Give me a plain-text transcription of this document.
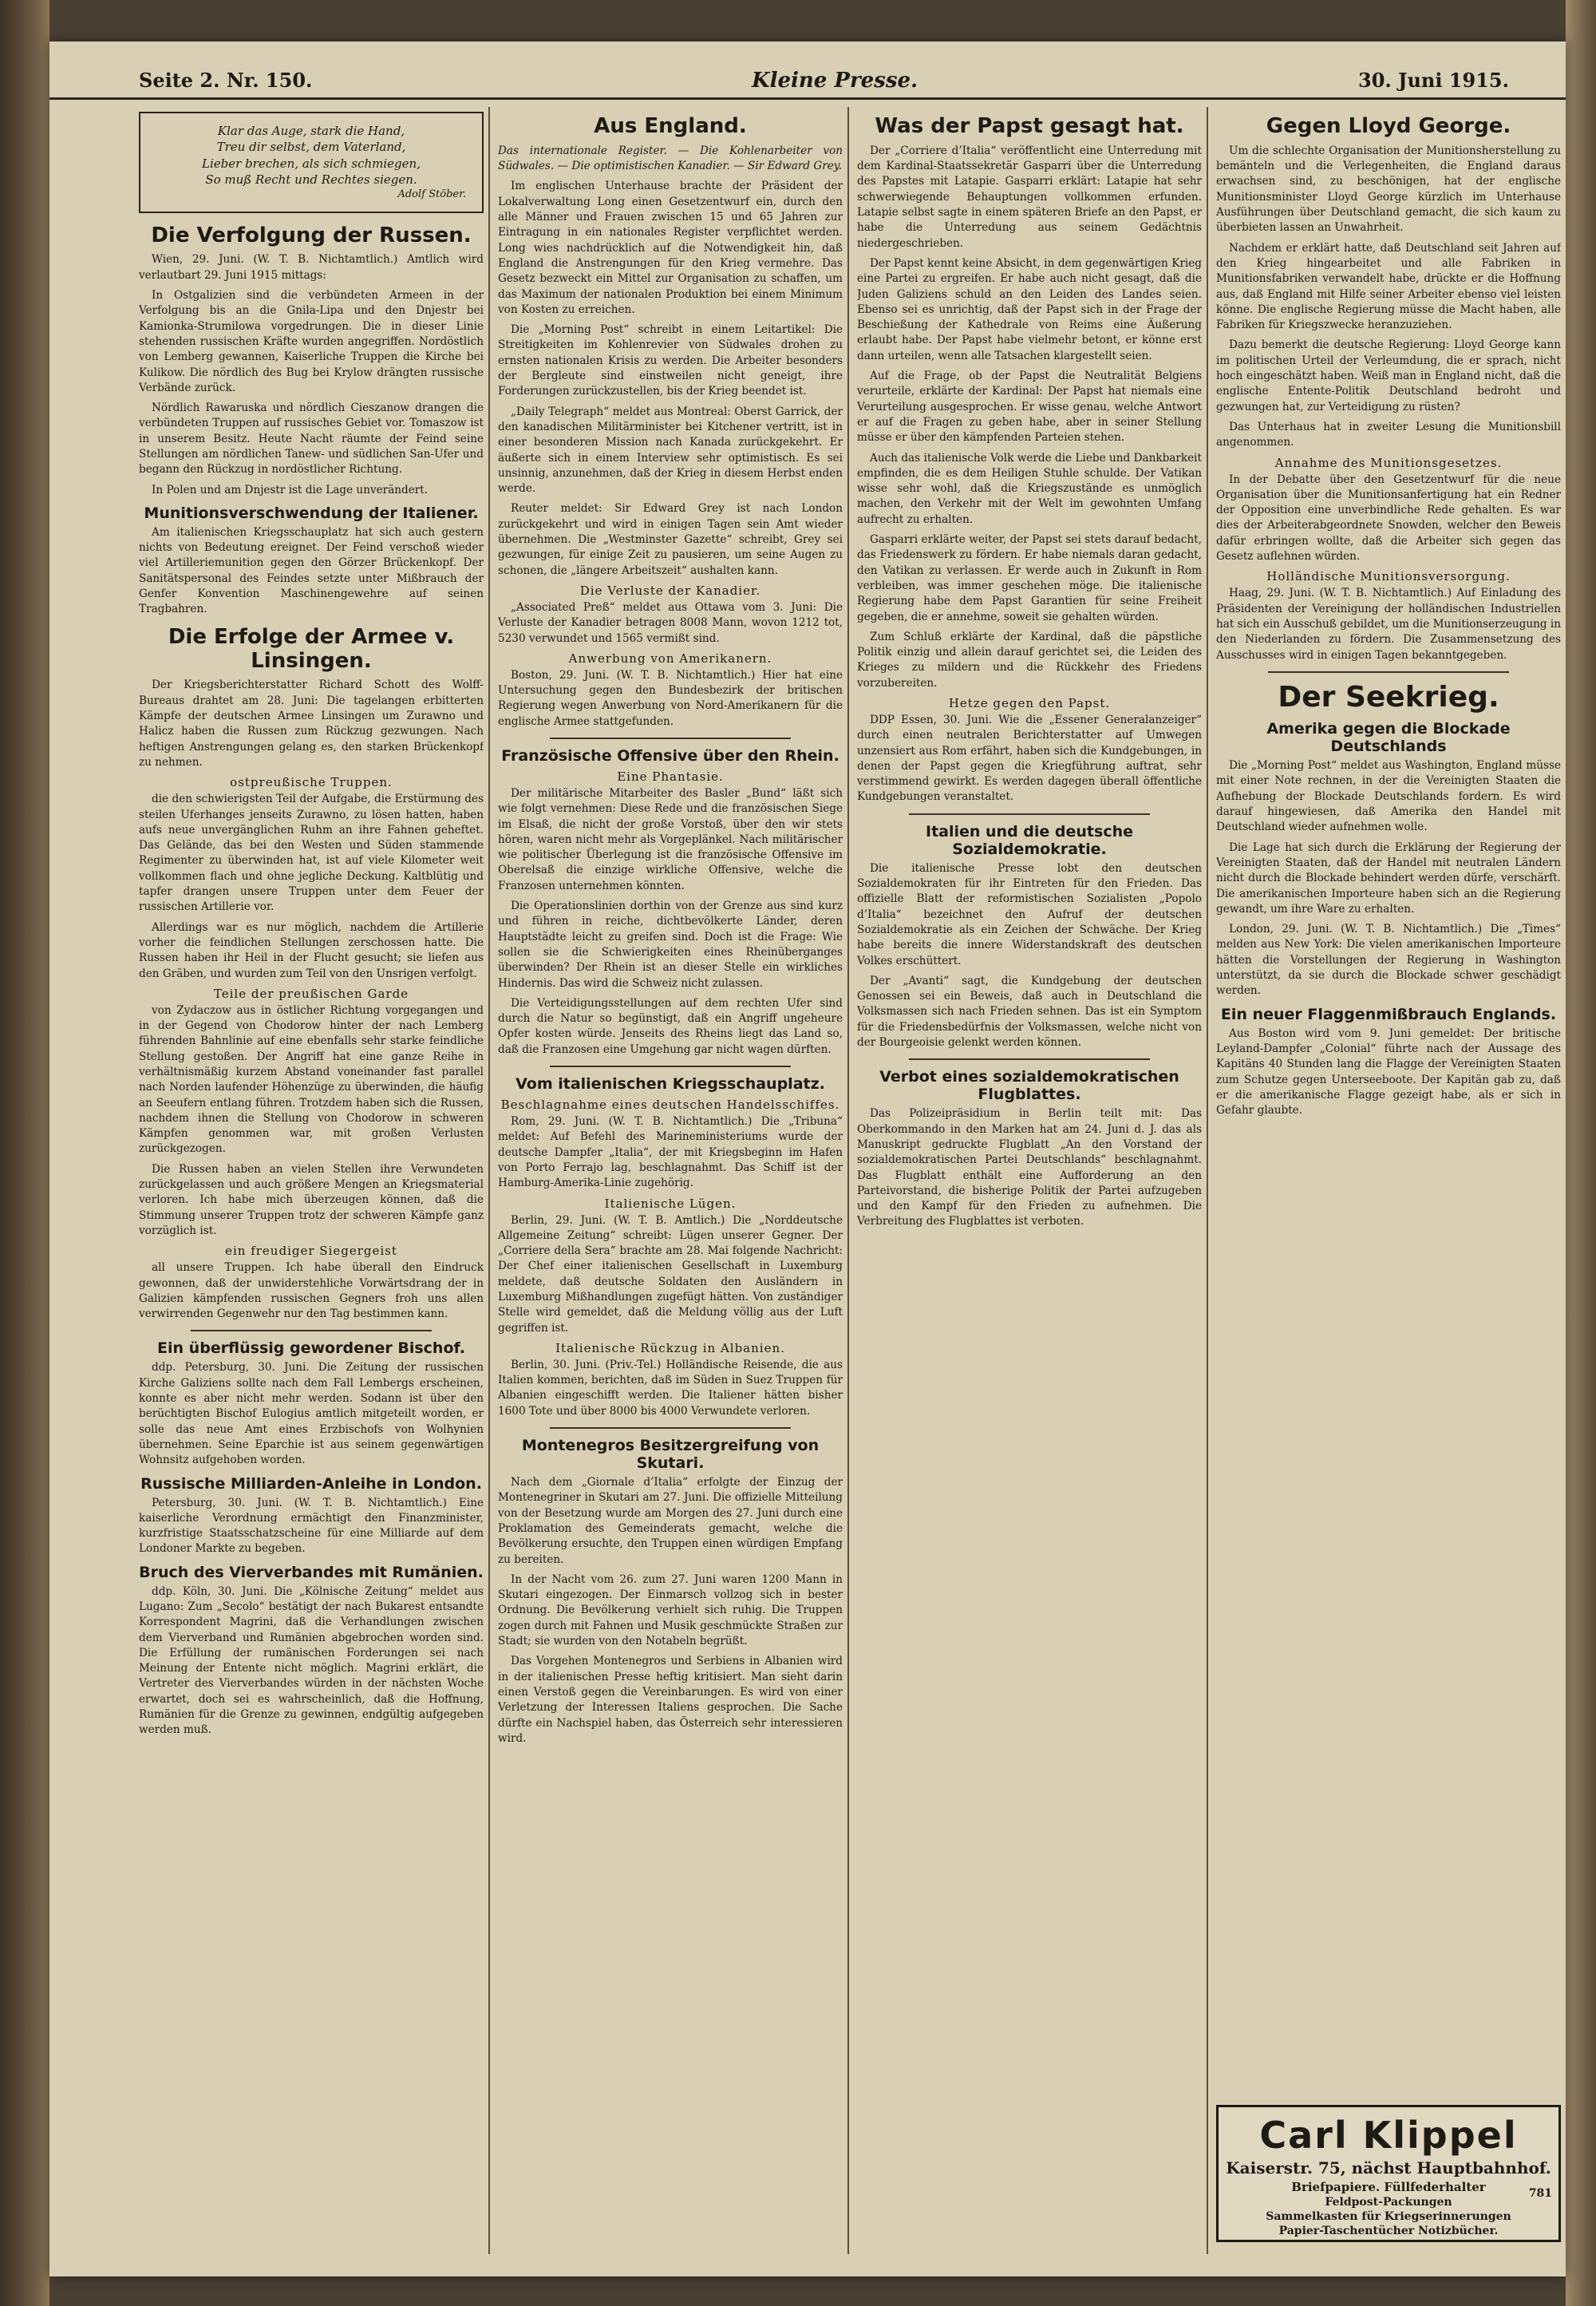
Seite 2. Nr. 150.	Kleine Presse.	30. Juni 1915.
Klar das Auge, stark die Hand,
Treu dir selbst, dem Vaterland,
Lieber brechen, als sich schmiegen,
So muß Recht und Rechtes siegen.
Adolf Stöber.
Die Verfolgung der Russen.

Wien, 29. Juni. (W. T. B. Nichtamtlich.) Amtlich wird verlautbart 29. Juni 1915 mittags:

In Ostgalizien sind die verbündeten Armeen in der Verfolgung bis an die Gnila-Lipa und den Dnjestr bei Kamionka-Strumilowa vorgedrungen. Die in dieser Linie stehenden russischen Kräfte wurden angegriffen. Nordöstlich von Lemberg gewannen, Kaiserliche Truppen die Kirche bei Kulikow. Die nördlich des Bug bei Krylow drängten russische Verbände zurück.

Nördlich Rawaruska und nördlich Cieszanow drangen die verbündeten Truppen auf russisches Gebiet vor. Tomaszow ist in unserem Besitz. Heute Nacht räumte der Feind seine Stellungen am nördlichen Tanew- und südlichen San-Ufer und begann den Rückzug in nordöstlicher Richtung.

In Polen und am Dnjestr ist die Lage unverändert.

Munitionsverschwendung der Italiener.

Am italienischen Kriegsschauplatz hat sich auch gestern nichts von Bedeutung ereignet. Der Feind verschoß wieder viel Artilleriemunition gegen den Görzer Brückenkopf. Der Sanitätspersonal des Feindes setzte unter Mißbrauch der Genfer Konvention Maschinengewehre auf seinen Tragbahren.

Die Erfolge der Armee v. Linsingen.

Der Kriegsberichterstatter Richard Schott des Wolff-Bureaus drahtet am 28. Juni: Die tagelangen erbitterten Kämpfe der deutschen Armee Linsingen um Zurawno und Halicz haben die Russen zum Rückzug gezwungen. Nach heftigen Anstrengungen gelang es, den starken Brückenkopf zu nehmen.

ostpreußische Truppen.

die den schwierigsten Teil der Aufgabe, die Erstürmung des steilen Uferhanges jenseits Zurawno, zu lösen hatten, haben aufs neue unvergänglichen Ruhm an ihre Fahnen geheftet. Das Gelände, das bei den Westen und Süden stammende Regimenter zu überwinden hat, ist auf viele Kilometer weit vollkommen flach und ohne jegliche Deckung. Kaltblütig und tapfer drangen unsere Truppen unter dem Feuer der russischen Artillerie vor.

Allerdings war es nur möglich, nachdem die Artillerie vorher die feindlichen Stellungen zerschossen hatte. Die Russen haben ihr Heil in der Flucht gesucht; sie liefen aus den Gräben, und wurden zum Teil von den Unsrigen verfolgt.

Teile der preußischen Garde

von Zydaczow aus in östlicher Richtung vorgegangen und in der Gegend von Chodorow hinter der nach Lemberg führenden Bahnlinie auf eine ebenfalls sehr starke feindliche Stellung gestoßen. Der Angriff hat eine ganze Reihe in verhältnismäßig kurzem Abstand voneinander fast parallel nach Norden laufender Höhenzüge zu überwinden, die häufig an Seeufern entlang führen. Trotzdem haben sich die Russen, nachdem ihnen die Stellung von Chodorow in schweren Kämpfen genommen war, mit großen Verlusten zurückgezogen.

Die Russen haben an vielen Stellen ihre Verwundeten zurückgelassen und auch größere Mengen an Kriegsmaterial verloren. Ich habe mich überzeugen können, daß die Stimmung unserer Truppen trotz der schweren Kämpfe ganz vorzüglich ist.

ein freudiger Siegergeist

all unsere Truppen. Ich habe überall den Eindruck gewonnen, daß der unwiderstehliche Vorwärtsdrang der in Galizien kämpfenden russischen Gegners froh uns allen verwirrenden Gegenwehr nur den Tag bestimmen kann.

Ein überflüssig gewordener Bischof.

ddp. Petersburg, 30. Juni. Die Zeitung der russischen Kirche Galiziens sollte nach dem Fall Lembergs erscheinen, konnte es aber nicht mehr werden. Sodann ist über den berüchtigten Bischof Eulogius amtlich mitgeteilt worden, er solle das neue Amt eines Erzbischofs von Wolhynien übernehmen. Seine Eparchie ist aus seinem gegenwärtigen Wohnsitz aufgehoben worden.

Russische Milliarden-Anleihe in London.

Petersburg, 30. Juni. (W. T. B. Nichtamtlich.) Eine kaiserliche Verordnung ermächtigt den Finanzminister, kurzfristige Staatsschatzscheine für eine Milliarde auf dem Londoner Markte zu begeben.

Bruch des Vierverbandes mit Rumänien.

ddp. Köln, 30. Juni. Die „Kölnische Zeitung“ meldet aus Lugano: Zum „Secolo“ bestätigt der nach Bukarest entsandte Korrespondent Magrini, daß die Verhandlungen zwischen dem Vierverband und Rumänien abgebrochen worden sind. Die Erfüllung der rumänischen Forderungen sei nach Meinung der Entente nicht möglich. Magrini erklärt, die Vertreter des Vierverbandes würden in der nächsten Woche erwartet, doch sei es wahrscheinlich, daß die Hoffnung, Rumänien für die Grenze zu gewinnen, endgültig aufgegeben werden muß.

Aus England.

Das internationale Register. — Die Kohlenarbeiter von Südwales. — Die optimistischen Kanadier. — Sir Edward Grey.

Im englischen Unterhause brachte der Präsident der Lokalverwaltung Long einen Gesetzentwurf ein, durch den alle Männer und Frauen zwischen 15 und 65 Jahren zur Eintragung in ein nationales Register verpflichtet werden. Long wies nachdrücklich auf die Notwendigkeit hin, daß England die Anstrengungen für den Krieg vermehre. Das Gesetz bezweckt ein Mittel zur Organisation zu schaffen, um das Maximum der nationalen Produktion bei einem Minimum von Kosten zu erreichen.

Die „Morning Post“ schreibt in einem Leitartikel: Die Streitigkeiten im Kohlenrevier von Südwales drohen zu ernsten nationalen Krisis zu werden. Die Arbeiter besonders der Bergleute sind einstweilen nicht geneigt, ihre Forderungen zurückzustellen, bis der Krieg beendet ist.

„Daily Telegraph“ meldet aus Montreal: Oberst Garrick, der den kanadischen Militärminister bei Kitchener vertritt, ist in einer besonderen Mission nach Kanada zurückgekehrt. Er äußerte sich in einem Interview sehr optimistisch. Es sei unsinnig, anzunehmen, daß der Krieg in diesem Herbst enden werde.

Reuter meldet: Sir Edward Grey ist nach London zurückgekehrt und wird in einigen Tagen sein Amt wieder übernehmen. Die „Westminster Gazette“ schreibt, Grey sei gezwungen, für einige Zeit zu pausieren, um seine Augen zu schonen, die „längere Arbeitszeit“ aushalten kann.

Die Verluste der Kanadier.

„Associated Preß“ meldet aus Ottawa vom 3. Juni: Die Verluste der Kanadier betragen 8008 Mann, wovon 1212 tot, 5230 verwundet und 1565 vermißt sind.

Anwerbung von Amerikanern.

Boston, 29. Juni. (W. T. B. Nichtamtlich.) Hier hat eine Untersuchung gegen den Bundesbezirk der britischen Regierung wegen Anwerbung von Nord-Amerikanern für die englische Armee stattgefunden.

Französische Offensive über den Rhein.
Eine Phantasie.

Der militärische Mitarbeiter des Basler „Bund“ läßt sich wie folgt vernehmen: Diese Rede und die französischen Siege im Elsaß, die nicht der große Vorstoß, über den wir stets hören, waren nicht mehr als Vorgeplänkel. Nach militärischer wie politischer Überlegung ist die französische Offensive im Oberelsaß die einzige wirkliche Offensive, welche die Franzosen unternehmen könnten.

Die Operationslinien dorthin von der Grenze aus sind kurz und führen in reiche, dichtbevölkerte Länder, deren Hauptstädte leicht zu greifen sind. Doch ist die Frage: Wie sollen sie die Schwierigkeiten eines Rheinüberganges überwinden? Der Rhein ist an dieser Stelle ein wirkliches Hindernis. Das wird die Schweiz nicht zulassen.

Die Verteidigungsstellungen auf dem rechten Ufer sind durch die Natur so begünstigt, daß ein Angriff ungeheure Opfer kosten würde. Jenseits des Rheins liegt das Land so, daß die Franzosen eine Umgehung gar nicht wagen dürften.

Vom italienischen Kriegsschauplatz.
Beschlagnahme eines deutschen Handelsschiffes.

Rom, 29. Juni. (W. T. B. Nichtamtlich.) Die „Tribuna“ meldet: Auf Befehl des Marineministeriums wurde der deutsche Dampfer „Italia“, der mit Kriegsbeginn im Hafen von Porto Ferrajo lag, beschlagnahmt. Das Schiff ist der Hamburg-Amerika-Linie zugehörig.

Italienische Lügen.

Berlin, 29. Juni. (W. T. B. Amtlich.) Die „Norddeutsche Allgemeine Zeitung“ schreibt: Lügen unserer Gegner. Der „Corriere della Sera“ brachte am 28. Mai folgende Nachricht: Der Chef einer italienischen Gesellschaft in Luxemburg meldete, daß deutsche Soldaten den Ausländern in Luxemburg Mißhandlungen zugefügt hätten. Von zuständiger Stelle wird gemeldet, daß die Meldung völlig aus der Luft gegriffen ist.

Italienische Rückzug in Albanien.

Berlin, 30. Juni. (Priv.-Tel.) Holländische Reisende, die aus Italien kommen, berichten, daß im Süden in Suez Truppen für Albanien eingeschifft werden. Die Italiener hätten bisher 1600 Tote und über 8000 bis 4000 Verwundete verloren.

Montenegros Besitzergreifung von Skutari.

Nach dem „Giornale d’Italia“ erfolgte der Einzug der Montenegriner in Skutari am 27. Juni. Die offizielle Mitteilung von der Besetzung wurde am Morgen des 27. Juni durch eine Proklamation des Gemeinderats gemacht, welche die Bevölkerung ersuchte, den Truppen einen würdigen Empfang zu bereiten.

In der Nacht vom 26. zum 27. Juni waren 1200 Mann in Skutari eingezogen. Der Einmarsch vollzog sich in bester Ordnung. Die Bevölkerung verhielt sich ruhig. Die Truppen zogen durch mit Fahnen und Musik geschmückte Straßen zur Stadt; sie wurden von den Notabeln begrüßt.

Das Vorgehen Montenegros und Serbiens in Albanien wird in der italienischen Presse heftig kritisiert. Man sieht darin einen Verstoß gegen die Vereinbarungen. Es wird von einer Verletzung der Interessen Italiens gesprochen. Die Sache dürfte ein Nachspiel haben, das Österreich sehr interessieren wird.

Was der Papst gesagt hat.

Der „Corriere d’Italia“ veröffentlicht eine Unterredung mit dem Kardinal-Staatssekretär Gasparri über die Unterredung des Papstes mit Latapie. Gasparri erklärt: Latapie hat sehr schwerwiegende Behauptungen vollkommen erfunden. Latapie selbst sagte in einem späteren Briefe an den Papst, er habe die Unterredung aus seinem Gedächtnis niedergeschrieben.

Der Papst kennt keine Absicht, in dem gegenwärtigen Krieg eine Partei zu ergreifen. Er habe auch nicht gesagt, daß die Juden Galiziens schuld an den Leiden des Landes seien. Ebenso sei es unrichtig, daß der Papst sich in der Frage der Beschießung der Kathedrale von Reims eine Äußerung erlaubt habe. Der Papst habe vielmehr betont, er könne erst dann urteilen, wenn alle Tatsachen klargestellt seien.

Auf die Frage, ob der Papst die Neutralität Belgiens verurteile, erklärte der Kardinal: Der Papst hat niemals eine Verurteilung ausgesprochen. Er wisse genau, welche Antwort er auf die Fragen zu geben habe, aber in seiner Stellung müsse er über den kämpfenden Parteien stehen.

Auch das italienische Volk werde die Liebe und Dankbarkeit empfinden, die es dem Heiligen Stuhle schulde. Der Vatikan wisse sehr wohl, daß die Kriegszustände es unmöglich machen, den Verkehr mit der Welt im gewohnten Umfang aufrecht zu erhalten.

Gasparri erklärte weiter, der Papst sei stets darauf bedacht, das Friedenswerk zu fördern. Er habe niemals daran gedacht, den Vatikan zu verlassen. Er werde auch in Zukunft in Rom verbleiben, was immer geschehen möge. Die italienische Regierung habe dem Papst Garantien für seine Freiheit gegeben, die er annehme, soweit sie gehalten würden.

Zum Schluß erklärte der Kardinal, daß die päpstliche Politik einzig und allein darauf gerichtet sei, die Leiden des Krieges zu mildern und die Rückkehr des Friedens vorzubereiten.

Hetze gegen den Papst.

DDP Essen, 30. Juni. Wie die „Essener Generalanzeiger“ durch einen neutralen Berichterstatter auf Umwegen unzensiert aus Rom erfährt, haben sich die Kundgebungen, in denen der Papst gegen die Kriegführung auftrat, sehr verstimmend gewirkt. Es werden dagegen überall öffentliche Kundgebungen veranstaltet.

Italien und die deutsche Sozialdemokratie.

Die italienische Presse lobt den deutschen Sozialdemokraten für ihr Eintreten für den Frieden. Das offizielle Blatt der reformistischen Sozialisten „Popolo d’Italia“ bezeichnet den Aufruf der deutschen Sozialdemokratie als ein Zeichen der Schwäche. Der Krieg habe bereits die innere Widerstandskraft des deutschen Volkes erschüttert.

Der „Avanti“ sagt, die Kundgebung der deutschen Genossen sei ein Beweis, daß auch in Deutschland die Volksmassen sich nach Frieden sehnen. Das ist ein Symptom für die Friedensbedürfnis der Volksmassen, welche nicht von der Bourgeoisie gelenkt werden können.

Verbot eines sozialdemokratischen Flugblattes.

Das Polizeipräsidium in Berlin teilt mit: Das Oberkommando in den Marken hat am 24. Juni d. J. das als Manuskript gedruckte Flugblatt „An den Vorstand der sozialdemokratischen Partei Deutschlands“ beschlagnahmt. Das Flugblatt enthält eine Aufforderung an den Parteivorstand, die bisherige Politik der Partei aufzugeben und den Kampf für den Frieden zu aufnehmen. Die Verbreitung des Flugblattes ist verboten.

Gegen Lloyd George.

Um die schlechte Organisation der Munitionsherstellung zu bemänteln und die Verlegenheiten, die England daraus erwachsen sind, zu beschönigen, hat der englische Munitionsminister Lloyd George kürzlich im Unterhause Ausführungen über Deutschland gemacht, die sich kaum zu überbieten lassen an Unwahrheit.

Nachdem er erklärt hatte, daß Deutschland seit Jahren auf den Krieg hingearbeitet und alle Fabriken in Munitionsfabriken verwandelt habe, drückte er die Hoffnung aus, daß England mit Hilfe seiner Arbeiter ebenso viel leisten könne. Die englische Regierung müsse die Macht haben, alle Fabriken für Kriegszwecke heranzuziehen.

Dazu bemerkt die deutsche Regierung: Lloyd George kann im politischen Urteil der Verleumdung, die er sprach, nicht hoch eingeschätzt haben. Weiß man in England nicht, daß die englische Entente-Politik Deutschland bedroht und gezwungen hat, zur Verteidigung zu rüsten?

Das Unterhaus hat in zweiter Lesung die Munitionsbill angenommen.

Annahme des Munitionsgesetzes.

In der Debatte über den Gesetzentwurf für die neue Organisation über die Munitionsanfertigung hat ein Redner der Opposition eine unverbindliche Rede gehalten. Es war dies der Arbeiterabgeordnete Snowden, welcher den Beweis dafür erbringen wollte, daß die Arbeiter sich gegen das Gesetz auflehnen würden.

Holländische Munitionsversorgung.

Haag, 29. Juni. (W. T. B. Nichtamtlich.) Auf Einladung des Präsidenten der Vereinigung der holländischen Industriellen hat sich ein Ausschuß gebildet, um die Munitionserzeugung in den Niederlanden zu fördern. Die Zusammensetzung des Ausschusses wird in einigen Tagen bekanntgegeben.

Der Seekrieg.
Amerika gegen die Blockade Deutschlands

Die „Morning Post“ meldet aus Washington, England müsse mit einer Note rechnen, in der die Vereinigten Staaten die Aufhebung der Blockade Deutschlands fordern. Es wird darauf hingewiesen, daß Amerika den Handel mit Deutschland wieder aufnehmen wolle.

Die Lage hat sich durch die Erklärung der Regierung der Vereinigten Staaten, daß der Handel mit neutralen Ländern nicht durch die Blockade behindert werden dürfe, verschärft. Die amerikanischen Importeure haben sich an die Regierung gewandt, um ihre Ware zu erhalten.

London, 29. Juni. (W. T. B. Nichtamtlich.) Die „Times“ melden aus New York: Die vielen amerikanischen Importeure hätten die Vorstellungen der Regierung in Washington unterstützt, da sie durch die Blockade schwer geschädigt werden.

Ein neuer Flaggenmißbrauch Englands.

Aus Boston wird vom 9. Juni gemeldet: Der britische Leyland-Dampfer „Colonial“ führte nach der Aussage des Kapitäns 40 Stunden lang die Flagge der Vereinigten Staaten zum Schutze gegen Unterseeboote. Der Kapitän gab zu, daß er die amerikanische Flagge gezeigt habe, als er sich in Gefahr glaubte.

Carl Klippel
Kaiserstr. 75, nächst Hauptbahnhof.
Briefpapiere. Füllfederhalter
Feldpost-Packungen
Sammelkasten für Kriegserinnerungen
Papier-Taschentücher Notizbücher.
781
